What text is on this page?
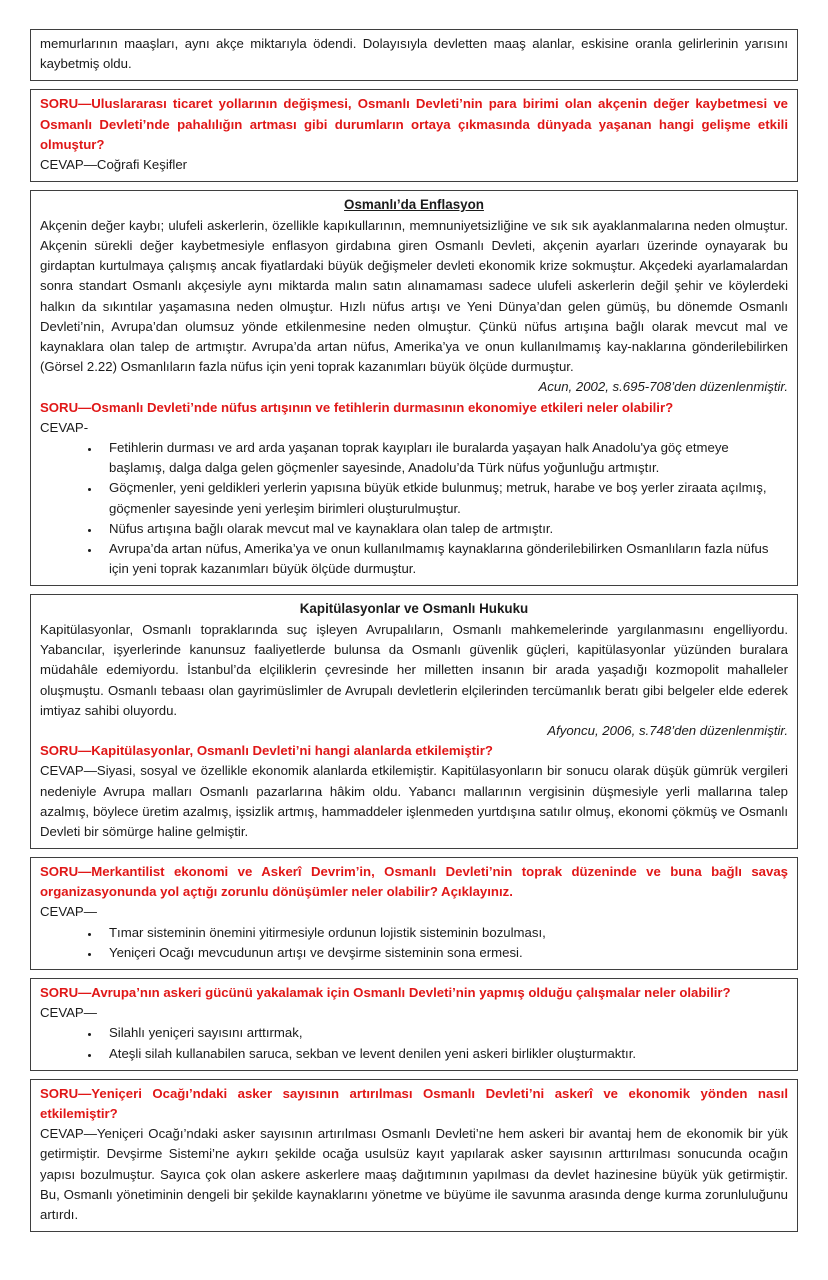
memurlarının maaşları, aynı akçe miktarıyla ödendi. Dolayısıyla devletten maaş alanlar, eskisine oranla gelirlerinin yarısını kaybetmiş oldu.

SORU—Uluslararası ticaret yollarının değişmesi, Osmanlı Devleti’nin para birimi olan akçenin değer kaybetmesi ve Osmanlı Devleti’nde pahalılığın artması gibi durumların ortaya çıkmasında dünyada yaşanan hangi gelişme etkili olmuştur?

CEVAP—Coğrafi Keşifler

Osmanlı’da Enflasyon

Akçenin değer kaybı; ulufeli askerlerin, özellikle kapıkullarının, memnuniyetsizliğine ve sık sık ayaklanmalarına neden olmuştur. Akçenin sürekli değer kaybetmesiyle enflasyon girdabına giren Osmanlı Devleti, akçenin ayarları üzerinde oynayarak bu girdaptan kurtulmaya çalışmış ancak fiyatlardaki büyük değişmeler devleti ekonomik krize sokmuştur. Akçedeki ayarlamalardan sonra standart Osmanlı akçesiyle aynı miktarda malın satın alınamaması sadece ulufeli askerlerin değil şehir ve köylerdeki halkın da sıkıntılar yaşamasına neden olmuştur. Hızlı nüfus artışı ve Yeni Dünya’dan gelen gümüş, bu dönemde Osmanlı Devleti’nin, Avrupa’dan olumsuz yönde etkilenmesine neden olmuştur. Çünkü nüfus artışına bağlı olarak mevcut mal ve kaynaklara olan talep de artmıştır. Avrupa’da artan nüfus, Amerika’ya ve onun kullanılmamış kay-naklarına gönderilebilirken (Görsel 2.22) Osmanlıların fazla nüfus için yeni toprak kazanımları büyük ölçüde durmuştur.

Acun, 2002, s.695-708’den düzenlenmiştir.

SORU—Osmanlı Devleti’nde nüfus artışının ve fetihlerin durmasının ekonomiye etkileri neler olabilir?

CEVAP-

• Fetihlerin durması ve ard arda yaşanan toprak kayıpları ile buralarda yaşayan halk Anadolu'ya göç etmeye başlamış, dalga dalga gelen göçmenler sayesinde, Anadolu’da Türk nüfus yoğunluğu artmıştır.
• Göçmenler, yeni geldikleri yerlerin yapısına büyük etkide bulunmuş; metruk, harabe ve boş yerler ziraata açılmış, göçmenler sayesinde yeni yerleşim birimleri oluşturulmuştur.
• Nüfus artışına bağlı olarak mevcut mal ve kaynaklara olan talep de artmıştır.
• Avrupa’da artan nüfus, Amerika’ya ve onun kullanılmamış kaynaklarına gönderilebilirken Osmanlıların fazla nüfus için yeni toprak kazanımları büyük ölçüde durmuştur.
Kapitülasyonlar ve Osmanlı Hukuku

Kapitülasyonlar, Osmanlı topraklarında suç işleyen Avrupalıların, Osmanlı mahkemelerinde yargılanmasını engelliyordu. Yabancılar, işyerlerinde kanunsuz faaliyetlerde bulunsa da Osmanlı güvenlik güçleri, kapitülasyonlar yüzünden buralara müdahâle edemiyordu. İstanbul’da elçiliklerin çevresinde her milletten insanın bir arada yaşadığı kozmopolit mahalleler oluşmuştu. Osmanlı tebaası olan gayrimüslimler de Avrupalı devletlerin elçilerinden tercümanlık beratı gibi belgeler elde ederek imtiyaz sahibi oluyordu.

Afyoncu, 2006, s.748’den düzenlenmiştir.

SORU—Kapitülasyonlar, Osmanlı Devleti’ni hangi alanlarda etkilemiştir?

CEVAP—Siyasi, sosyal ve özellikle ekonomik alanlarda etkilemiştir. Kapitülasyonların bir sonucu olarak düşük gümrük vergileri nedeniyle Avrupa malları Osmanlı pazarlarına hâkim oldu. Yabancı mallarının vergisinin düşmesiyle yerli mallarına talep azalmış, böylece üretim azalmış, işsizlik artmış, hammaddeler işlenmeden yurtdışına satılır olmuş, ekonomi çökmüş ve Osmanlı Devleti bir sömürge haline gelmiştir.

SORU—Merkantilist ekonomi ve Askerî Devrim’in, Osmanlı Devleti’nin toprak düzeninde ve buna bağlı savaş organizasyonunda yol açtığı zorunlu dönüşümler neler olabilir? Açıklayınız.

CEVAP—

• Tımar sisteminin önemini yitirmesiyle ordunun lojistik sisteminin bozulması,
• Yeniçeri Ocağı mevcudunun artışı ve devşirme sisteminin sona ermesi.

SORU—Avrupa’nın askeri gücünü yakalamak için Osmanlı Devleti’nin yapmış olduğu çalışmalar neler olabilir?

CEVAP—

• Silahlı yeniçeri sayısını arttırmak,
• Ateşli silah kullanabilen saruca, sekban ve levent denilen yeni askeri birlikler oluşturmaktır.

SORU—Yeniçeri Ocağı’ndaki asker sayısının artırılması Osmanlı Devleti’ni askerî ve ekonomik yönden nasıl etkilemiştir?

CEVAP—Yeniçeri Ocağı’ndaki asker sayısının artırılması Osmanlı Devleti’ne hem askeri bir avantaj hem de ekonomik bir yük getirmiştir. Devşirme Sistemi’ne aykırı şekilde ocağa usulsüz kayıt yapılarak asker sayısının arttırılması sonucunda ocağın yapısı bozulmuştur. Sayıca çok olan askere askerlere maaş dağıtımının yapılması da devlet hazinesine büyük yük getirmiştir. Bu, Osmanlı yönetiminin dengeli bir şekilde kaynaklarını yönetme ve büyüme ile savunma arasında denge kurma zorunluluğunu artırdı.
